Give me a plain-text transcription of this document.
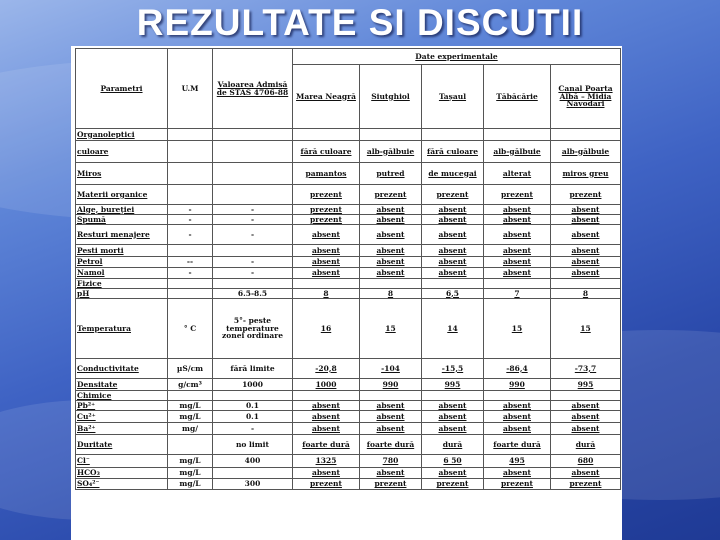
REZULTATE SI DISCUTII
Parametri	U.M	Valoarea Admisă de STAS 4706-88	Date experimentale				
			Marea Neagră	Siutghiol	Tașaul	Tăbăcărie	Canal Poarta Albă – Midia Năvodari
Organoleptici							
culoare			fără culoare	alb-gălbuie	fără culoare	alb-gălbuie	alb-gălbuie
Miros			pamantos	putred	de mucegai	alterat	miros greu
Materii organice			prezent	prezent	prezent	prezent	prezent
Alge, bureţiei	-	-	prezent	absent	absent	absent	absent
Spumă	-	-	prezent	absent	absent	absent	absent
Resturi menajere	-	-	absent	absent	absent	absent	absent
Pesti morti			absent	absent	absent	absent	absent
Petrol	--	-	absent	absent	absent	absent	absent
Namol	-	-	absent	absent	absent	absent	absent
Fizice							
pH		6.5-8.5	8	8	6,5	7	8
Temperatura	° C	5°- peste temperature zonei ordinare	16	15	14	15	15
Conductivitate	µS/cm	fără limite	-20,8	-104	-15,5	-86,4	-73,7
Densitate	g/cm³	1000	1000	990	995	990	995
Chimice							
Pb²⁺	mg/L	0.1	absent	absent	absent	absent	absent
Cu²⁺	mg/L	0.1	absent	absent	absent	absent	absent
Ba²⁺	mg/	-	absent	absent	absent	absent	absent
Duritate		no limit	foarte dură	foarte dură	dură	foarte dură	dură
Cl⁻	mg/L	400	1325	780	6 50	495	680
HCO₃	mg/L		absent	absent	absent	absent	absent
SO₄²⁻	mg/L	300	prezent	prezent	prezent	prezent	prezent
